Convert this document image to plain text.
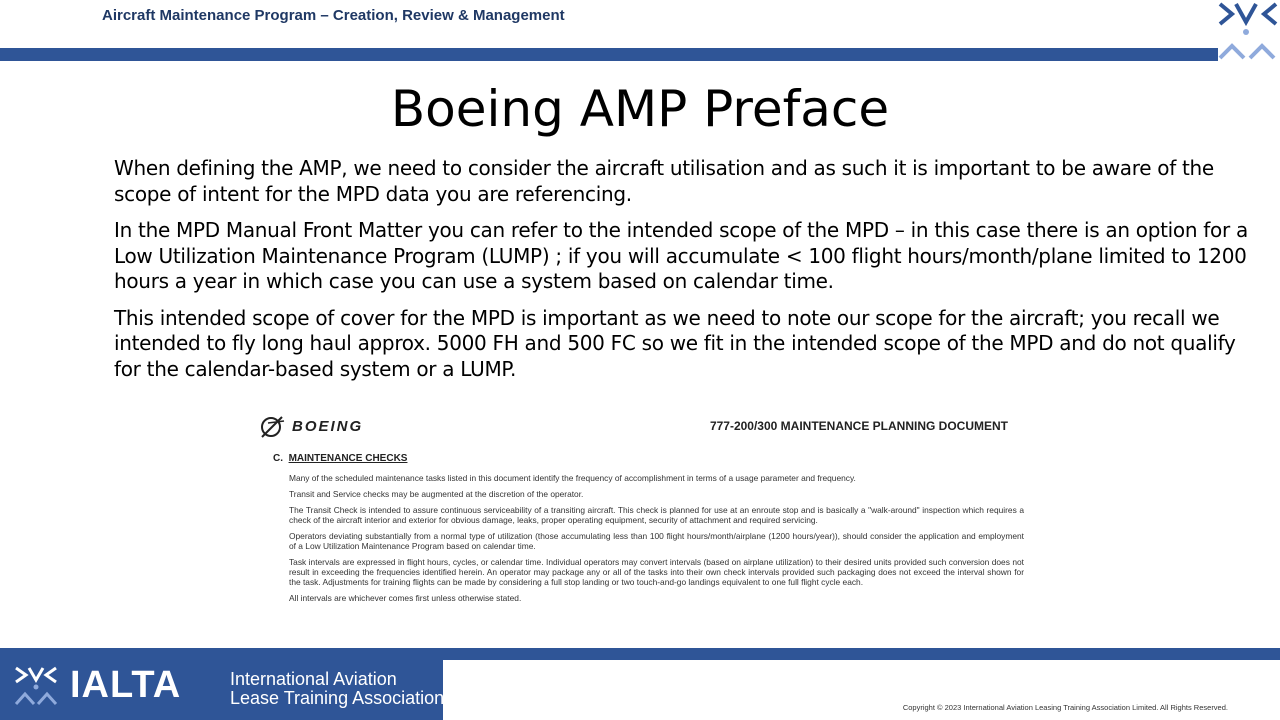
Aircraft Maintenance Program – Creation, Review & Management
Boeing AMP Preface

When defining the AMP, we need to consider the aircraft utilisation and as such it is important to be aware of the scope of intent for the MPD data you are referencing.

In the MPD Manual Front Matter you can refer to the intended scope of the MPD – in this case there is an option for a Low Utilization Maintenance Program (LUMP) ; if you will accumulate < 100 flight hours/month/plane limited to 1200 hours a year in which case you can use a system based on calendar time.

This intended scope of cover for the MPD is important as we need to note our scope for the aircraft; you recall we intended to fly long haul approx. 5000 FH and 500 FC so we fit in the intended scope of the MPD and do not qualify for the calendar-based system or a LUMP.

BOEING	777-200/300 MAINTENANCE PLANNING DOCUMENT
C. MAINTENANCE CHECKS

Many of the scheduled maintenance tasks listed in this document identify the frequency of accomplishment in terms of a usage parameter and frequency.

Transit and Service checks may be augmented at the discretion of the operator.

The Transit Check is intended to assure continuous serviceability of a transiting aircraft. This check is planned for use at an enroute stop and is basically a "walk-around" inspection which requires a check of the aircraft interior and exterior for obvious damage, leaks, proper operating equipment, security of attachment and required servicing.

Operators deviating substantially from a normal type of utilization (those accumulating less than 100 flight hours/month/airplane (1200 hours/year)), should consider the application and employment of a Low Utilization Maintenance Program based on calendar time.

Task intervals are expressed in flight hours, cycles, or calendar time. Individual operators may convert intervals (based on airplane utilization) to their desired units provided such conversion does not result in exceeding the frequencies identified herein. An operator may package any or all of the tasks into their own check intervals provided such packaging does not exceed the interval shown for the task. Adjustments for training flights can be made by considering a full stop landing or two touch-and-go landings equivalent to one full flight cycle each.

All intervals are whichever comes first unless otherwise stated.

IALTA	International Aviation
Lease Training Association	Copyright © 2023 International Aviation Leasing Training Association Limited. All Rights Reserved.
